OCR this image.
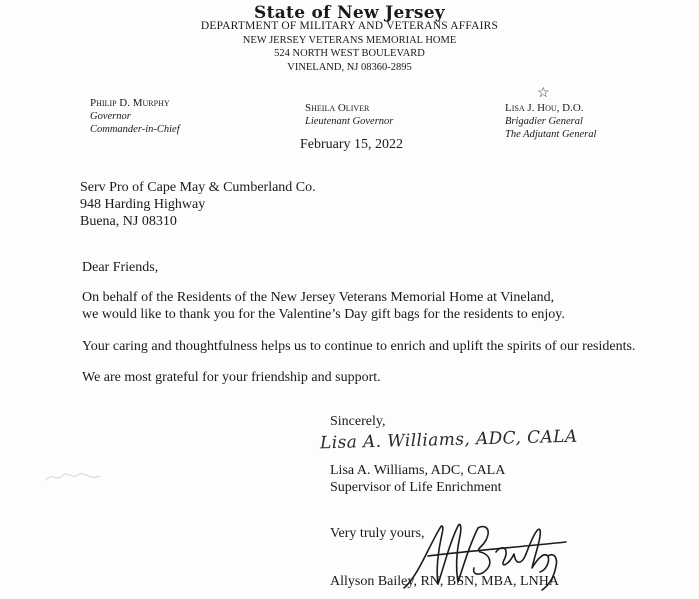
State of New Jersey
DEPARTMENT OF MILITARY AND VETERANS AFFAIRS
NEW JERSEY VETERANS MEMORIAL HOME
524 NORTH WEST BOULEVARD
VINELAND, NJ 08360-2895
Philip D. Murphy
Governor
Commander-in-Chief
Sheila Oliver
Lieutenant Governor
☆
Lisa J. Hou, D.O.
Brigadier General
The Adjutant General
February 15, 2022
Serv Pro of Cape May & Cumberland Co.
948 Harding Highway
Buena, NJ 08310
Dear Friends,
On behalf of the Residents of the New Jersey Veterans Memorial Home at Vineland,
we would like to thank you for the Valentine’s Day gift bags for the residents to enjoy.
Your caring and thoughtfulness helps us to continue to enrich and uplift the spirits of our residents.
We are most grateful for your friendship and support.
Sincerely,
Lisa A. Williams, ADC, CALA
Lisa A. Williams, ADC, CALA
Supervisor of Life Enrichment
Very truly yours,
Allyson Bailey, RN, BSN, MBA, LNHA
